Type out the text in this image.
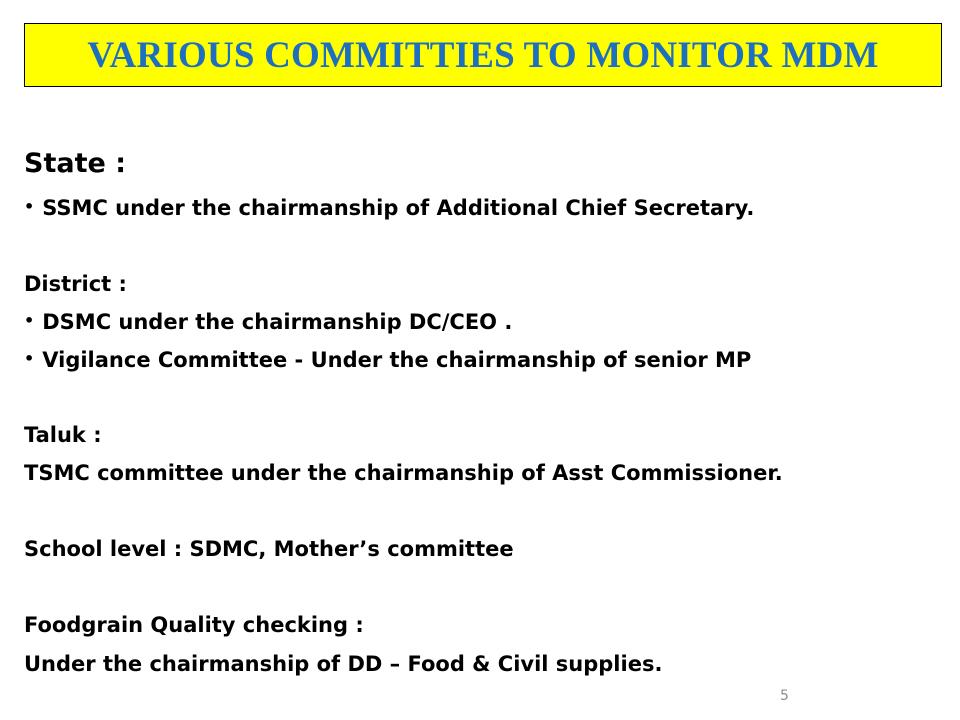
VARIOUS COMMITTIES TO MONITOR MDM
State :
• SSMC under the chairmanship of Additional Chief Secretary.
District :
• DSMC under the chairmanship DC/CEO .
• Vigilance Committee - Under the chairmanship of senior MP
Taluk :
TSMC committee under the chairmanship of Asst Commissioner.
School level : SDMC, Mother’s committee
Foodgrain Quality checking :
Under the chairmanship of DD – Food & Civil supplies.
5
